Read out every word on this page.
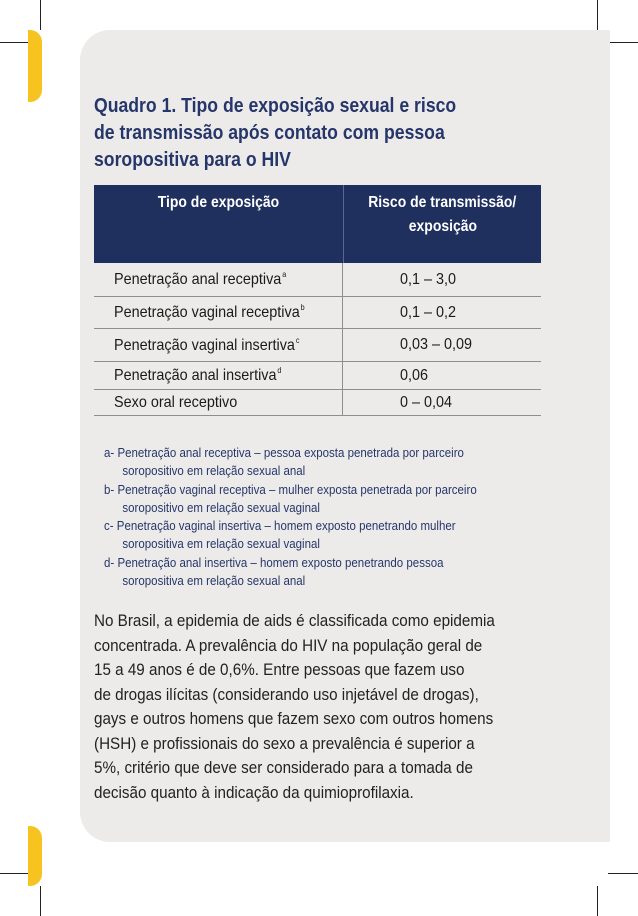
Quadro 1. Tipo de exposição sexual e risco
de transmissão após contato com pessoa
soropositiva para o HIV
Tipo de exposição	Risco de transmissão/
exposição
Penetração anal receptiva$^a$	0,1 – 3,0
Penetração vaginal receptiva$^b$	0,1 – 0,2
Penetração vaginal insertiva$^c$	0,03 – 0,09
Penetração anal insertiva$^d$	0,06
Sexo oral receptivo	0 – 0,04
a- Penetração anal receptiva – pessoa exposta penetrada por parceiro
soropositivo em relação sexual anal
b- Penetração vaginal receptiva – mulher exposta penetrada por parceiro
soropositivo em relação sexual vaginal
c- Penetração vaginal insertiva – homem exposto penetrando mulher
soropositiva em relação sexual vaginal
d- Penetração anal insertiva – homem exposto penetrando pessoa
soropositiva em relação sexual anal
No Brasil, a epidemia de aids é classificada como epidemia
concentrada. A prevalência do HIV na população geral de
15 a 49 anos é de 0,6%. Entre pessoas que fazem uso
de drogas ilícitas (considerando uso injetável de drogas),
gays e outros homens que fazem sexo com outros homens
(HSH) e profissionais do sexo a prevalência é superior a
5%, critério que deve ser considerado para a tomada de
decisão quanto à indicação da quimioprofilaxia.
